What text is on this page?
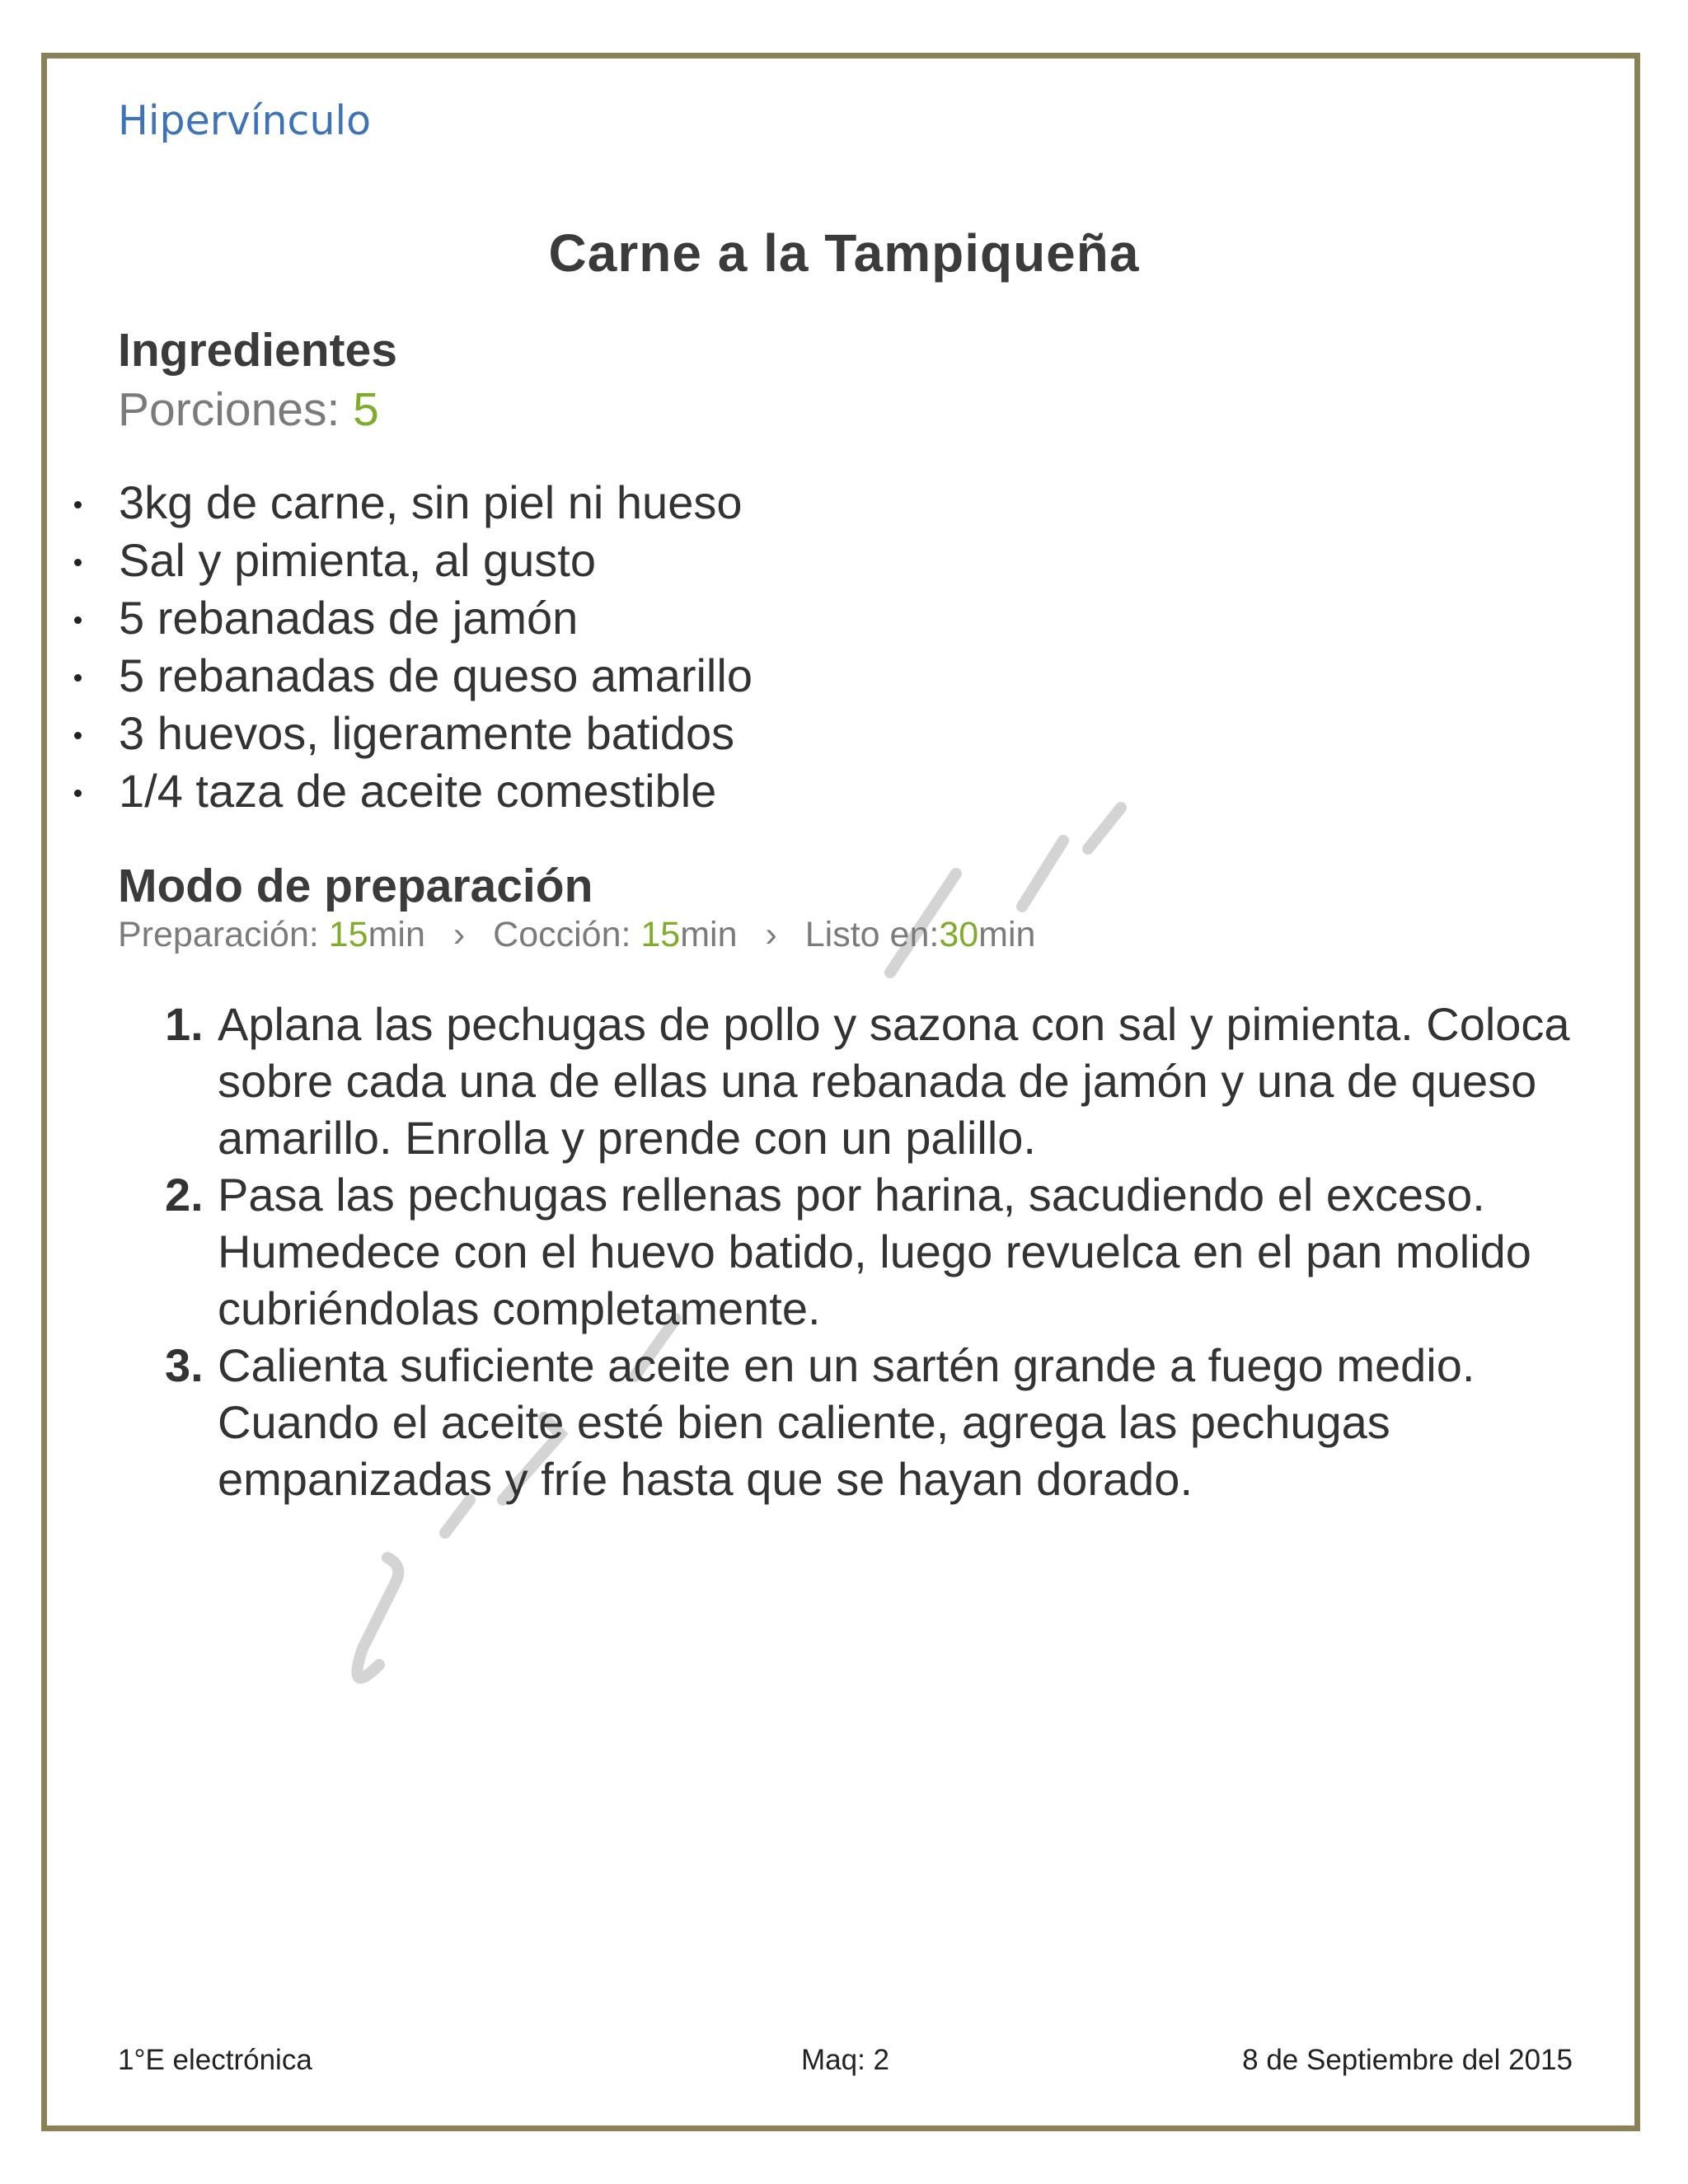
Hipervínculo
Carne a la Tampiqueña
Ingredientes
Porciones: 5
3kg de carne, sin piel ni hueso
Sal y pimienta, al gusto
5 rebanadas de jamón
5 rebanadas de queso amarillo
3 huevos, ligeramente batidos
1/4 taza de aceite comestible
Modo de preparación
Preparación: 15min › Cocción: 15min › Listo en:30min
1. Aplana las pechugas de pollo y sazona con sal y pimienta. Coloca sobre cada una de ellas una rebanada de jamón y una de queso amarillo. Enrolla y prende con un palillo.
2. Pasa las pechugas rellenas por harina, sacudiendo el exceso. Humedece con el huevo batido, luego revuelca en el pan molido cubriéndolas completamente.
3. Calienta suficiente aceite en un sartén grande a fuego medio. Cuando el aceite esté bien caliente, agrega las pechugas empanizadas y fríe hasta que se hayan dorado.
1°E electrónica	Maq: 2	8 de Septiembre del 2015
